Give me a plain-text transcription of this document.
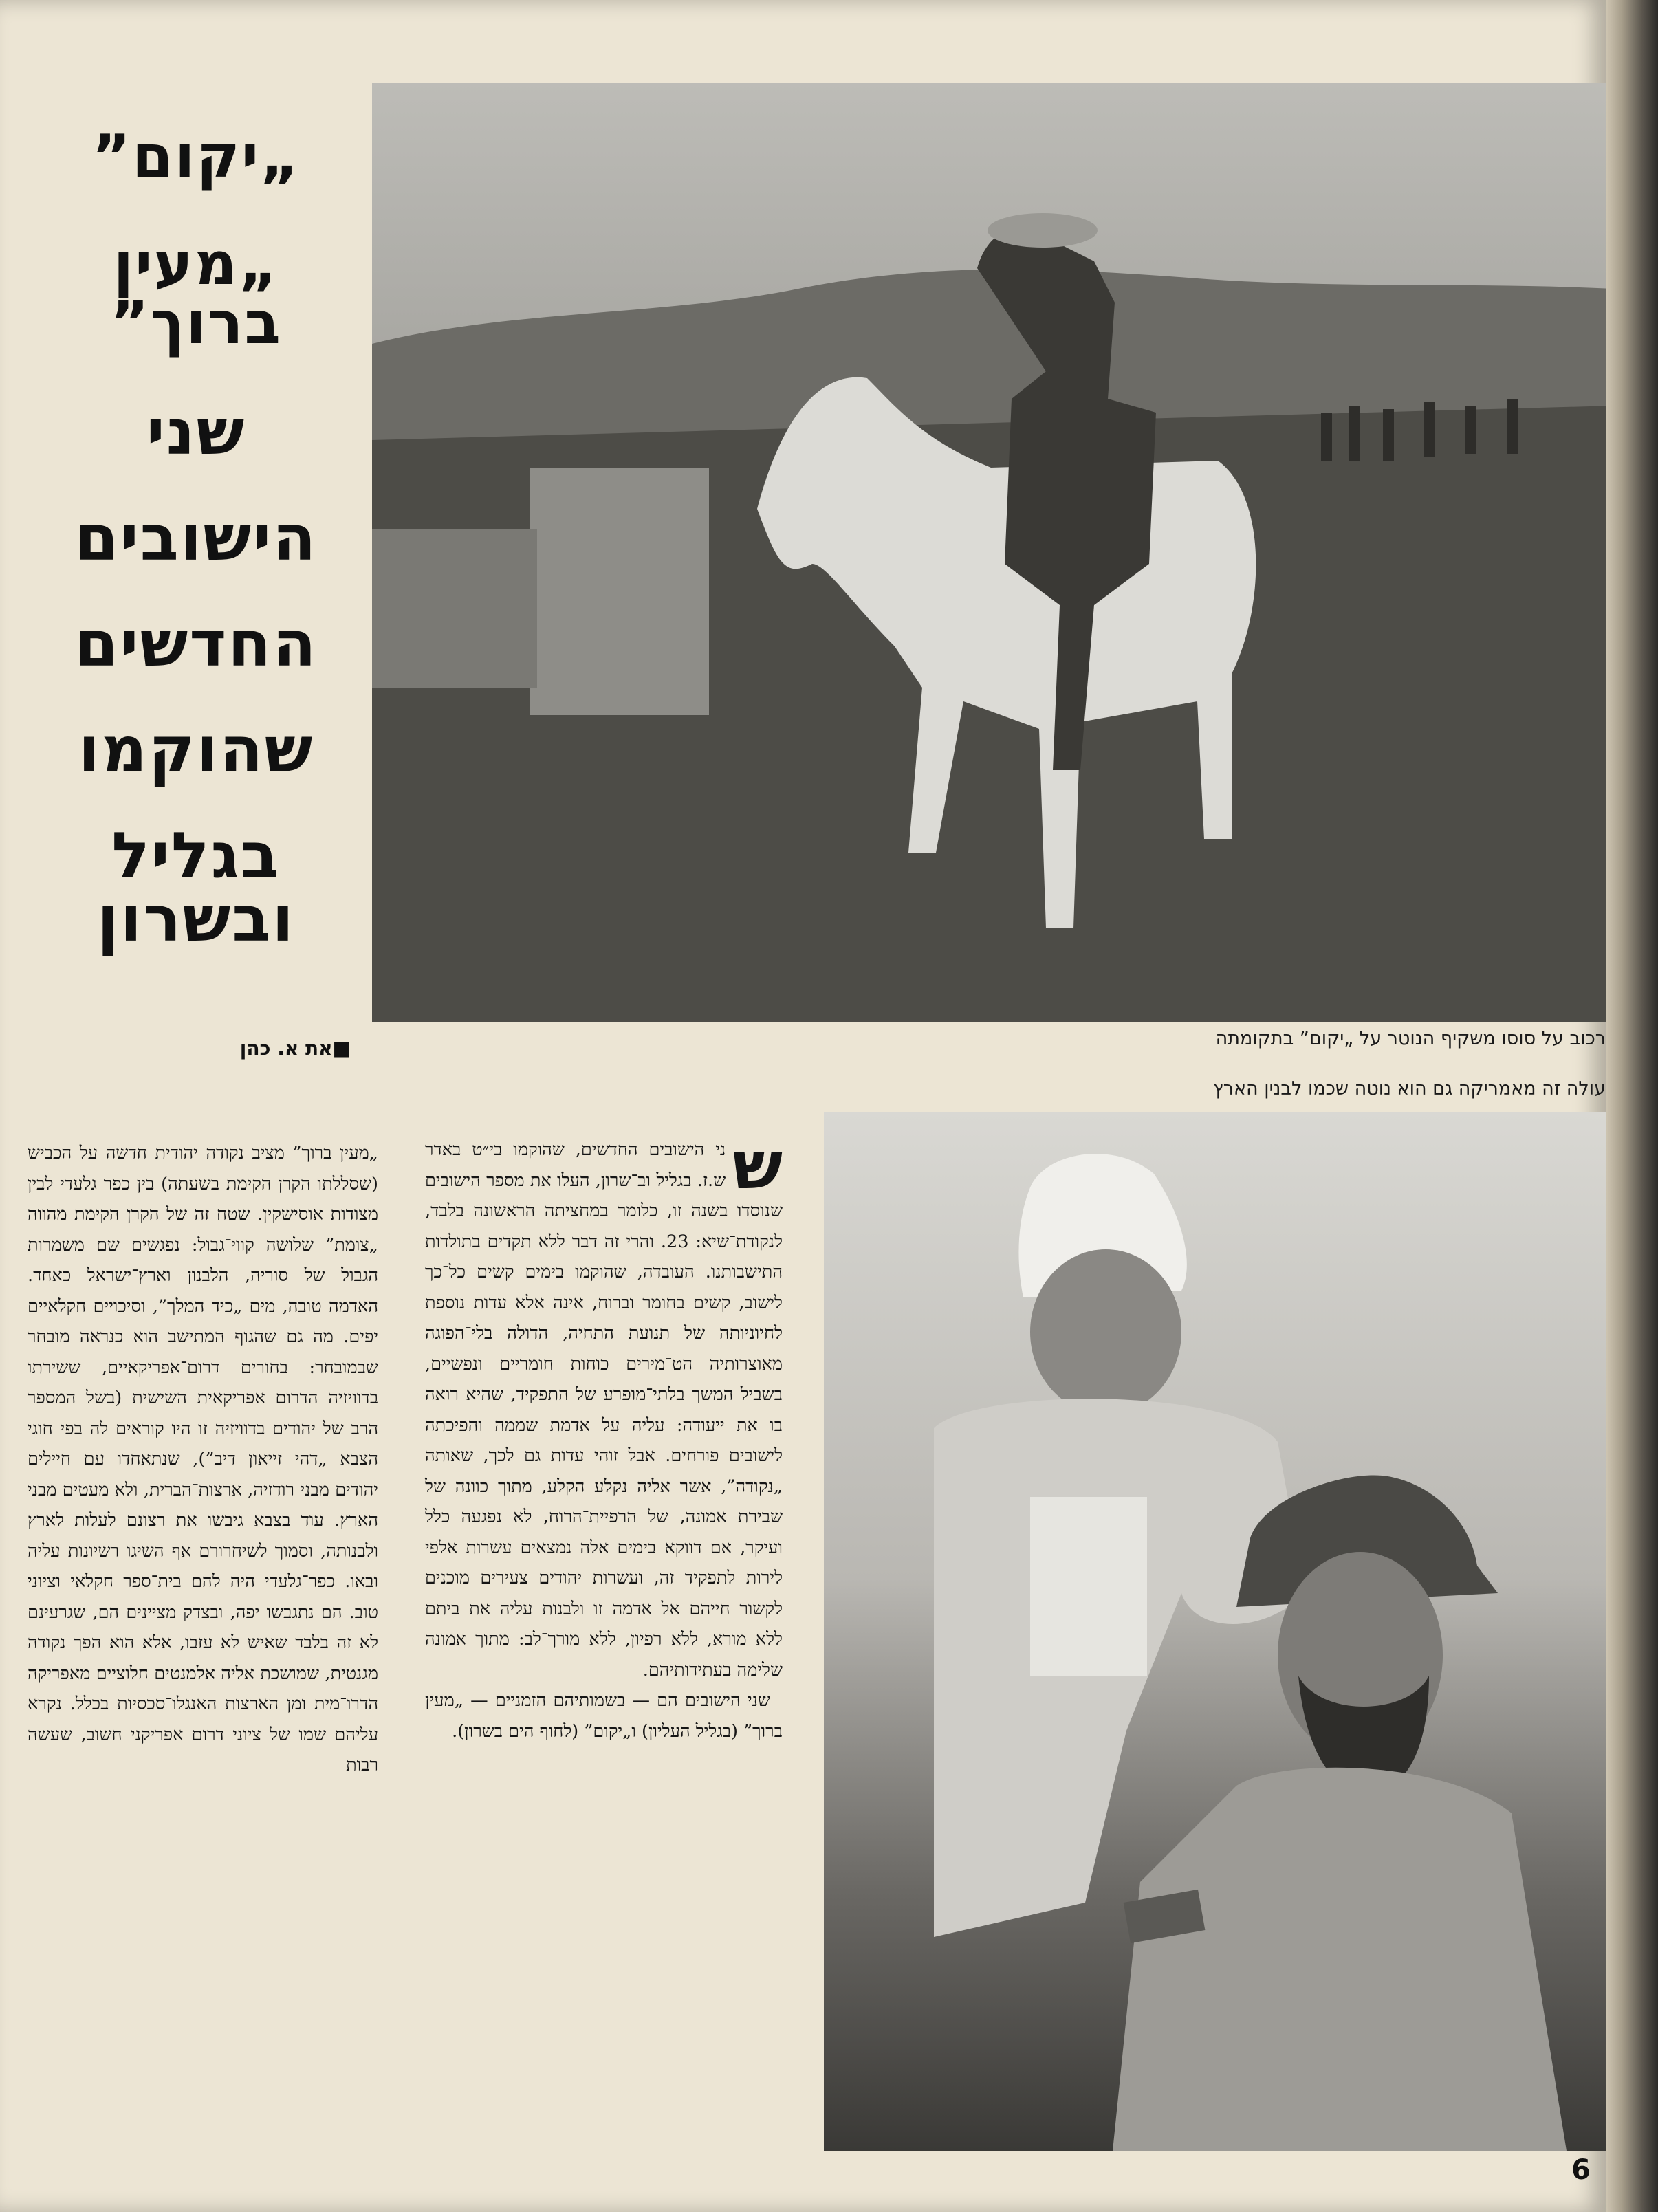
רכוב על סוסו משקיף הנוטר על „יקום” בתקומתה
עולה זה מאמריקה גם הוא נוטה שכמו לבנין הארץ
„יקום”
„מעין ברוך”
שני
הישובים
החדשים
שהוקמו
בגליל ובשרון
■את א. כהן

ש
ני הישובים החדשים, שהוקמו בי״ט באדר ש.ז. בגליל וב־שרון, העלו את מספר הישובים שנוסדו בשנה זו, כלומר במחציתה הראשונה בלבד, לנקודת־שיא: 23. והרי זה דבר ללא תקדים בתולדות התישבותנו. העובדה, שהוקמו בימים קשים כל־כך לישוב, קשים בחומר וברוח, אינה אלא עדות נוספת לחיוניותה של תנועת התחיה, הדולה בלי־הפוגה מאוצרותיה הט־מירים כוחות חומריים ונפשיים, בשביל המשך בלתי־מופרע של התפקיד, שהיא רואה בו את ייעודה: עליה על אדמת שממה והפיכתה לישובים פורחים. אבל זוהי עדות גם לכך, שאותה „נקודה”, אשר אליה נקלע הקלע, מתוך כוונה של שבירת אמונה, של הרפיית־הרוח, לא נפגעה כלל ועיקר, אם דווקא בימים אלה נמצאים עשרות אלפי לירות לתפקיד זה, ועשרות יהודים צעירים מוכנים לקשור חייהם אל אדמה זו ולבנות עליה את ביתם ללא מורא, ללא רפיון, ללא מורך־לב: מתוך אמונה שלימה בעתידותיהם.

שני הישובים הם — בשמותיהם הזמניים — „מעין ברוך” (בגליל העליון) ו„יקום” (לחוף הים בשרון).

„מעין ברוך” מציב נקודה יהודית חדשה על הכביש (שסללתו הקרן הקימת בשעתה) בין כפר גלעדי לבין מצודות אוסישקין. שטח זה של הקרן הקימת מהווה „צומת” שלושה קווי־גבול: נפגשים שם משמרות הגבול של סוריה, הלבנון וארץ־ישראל כאחד. האדמה טובה, מים „כיד המלך”, וסיכויים חקלאיים יפים. מה גם שהגוף המתישב הוא כנראה מובחר שבמובחר: בחורים דרום־אפריקאיים, ששירתו בדוויזיה הדרום אפריקאית השישית (בשל המספר הרב של יהודים בדוויזיה זו היו קוראים לה בפי חוגי הצבא „דהי זייאון דיב”), שנתאחדו עם חיילים יהודים מבני רודזיה, ארצות־הברית, ולא מעטים מבני הארץ. עוד בצבא גיבשו את רצונם לעלות לארץ ולבנותה, וסמוך לשיחרורם אף השיגו רשיונות עליה ובאו. כפר־גלעדי היה להם בית־ספר חקלאי וציוני טוב. הם נתגבשו יפה, ובצדק מציינים הם, שגרעינם לא זה בלבד שאיש לא עזבו, אלא הוא הפך נקודה מגנטית, שמושכת אליה אלמנטים חלוציים מאפריקה הדרו־מית ומן הארצות האנגלו־סכסיות בכלל. נקרא עליהם שמו של ציוני דרום אפריקני חשוב, שעשה רבות

6
